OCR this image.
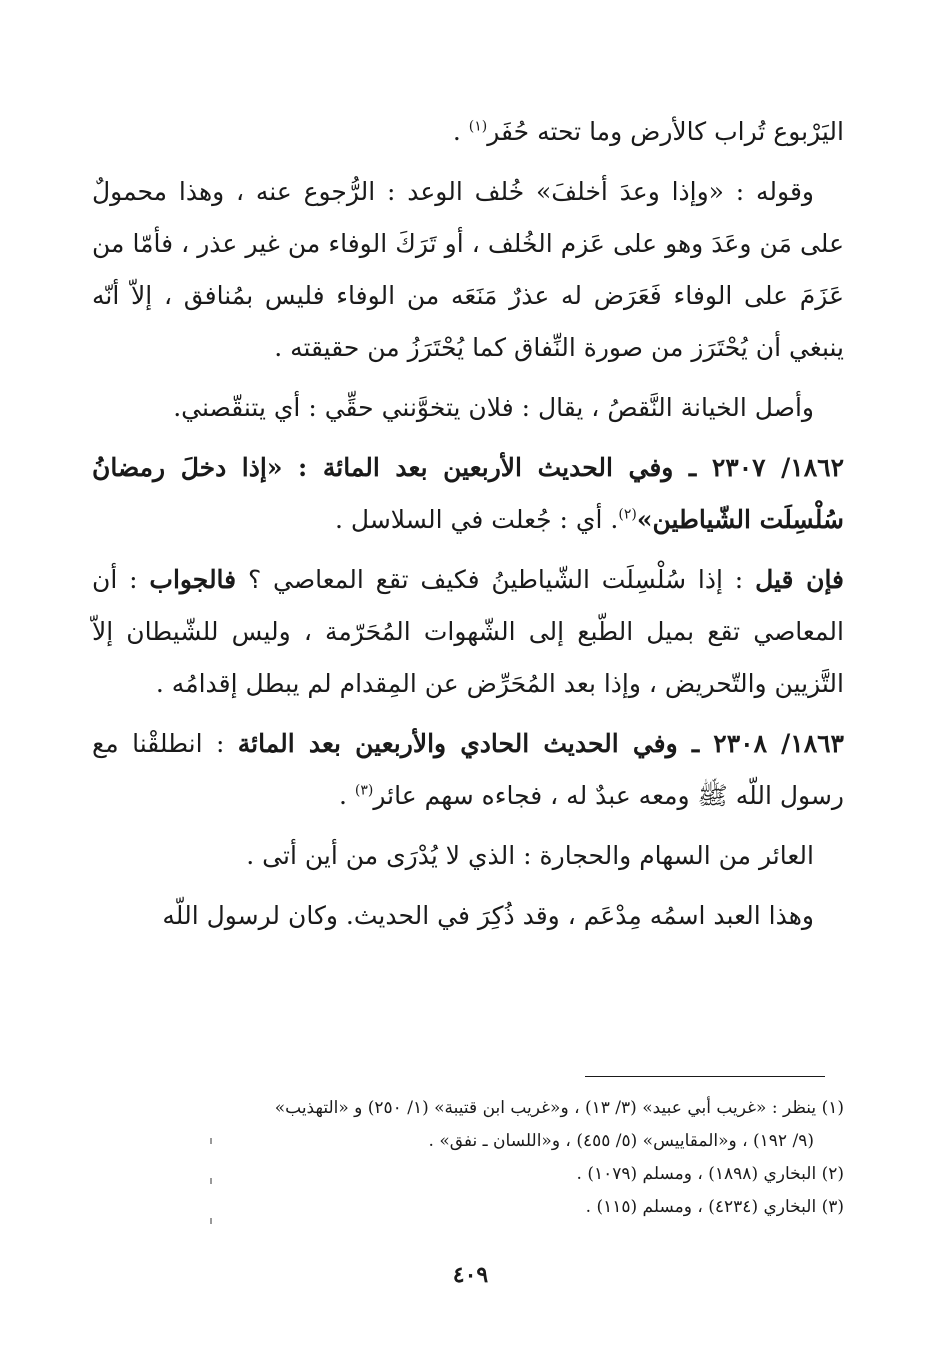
اليَرْبوع تُراب كالأرض وما تحته حُفَر$^{(١)}$ .

وقوله : «وإذا وعدَ أخلفَ» خُلف الوعد : الرُّجوع عنه ، وهذا محمولٌ على مَن وعَدَ وهو على عَزم الخُلف ، أو تَرَكَ الوفاء من غير عذر ، فأمّا من عَزَمَ على الوفاء فَعَرَض له عذرٌ مَنَعَه من الوفاء فليس بمُنافق ، إلاّ أنّه ينبغي أن يُحْتَرَز من صورة النِّفاق كما يُحْتَرَزُ من حقيقته .

وأصل الخيانة النَّقصُ ، يقال : فلان يتخوَّنني حقِّي : أي يتنقّصني.

١٨٦٢/ ٢٣٠٧ ـ وفي الحديث الأربعين بعد المائة : «إذا دخلَ رمضانُ سُلْسِلَت الشّياطين»$^{(٢)}$. أي : جُعلت في السلاسل .

فإن قيل : إذا سُلْسِلَت الشّياطينُ فكيف تقع المعاصي ؟ فالجواب : أن المعاصي تقع بميل الطّبع إلى الشّهوات المُحَرّمة ، وليس للشّيطان إلاّ التَّزيين والتّحريض ، وإذا بعد المُحَرِّض عن المِقدام لم يبطل إقدامُه .

١٨٦٣/ ٢٣٠٨ ـ وفي الحديث الحادي والأربعين بعد المائة : انطلقْنا مع رسول اللّه ﷺ ومعه عبدٌ له ، فجاءه سهم عائر$^{(٣)}$ .

العائر من السهام والحجارة : الذي لا يُدْرَى من أين أتى .

وهذا العبد اسمُه مِدْعَم ، وقد ذُكِرَ في الحديث. وكان لرسول اللّه

(١) ينظر : «غريب أبي عبيد» (٣/ ١٣) ، و«غريب ابن قتيبة» (١/ ٢٥٠) و «التهذيب»

(٩/ ١٩٢) ، و«المقاييس» (٥/ ٤٥٥) ، و«اللسان ـ نفق» .

(٢) البخاري (١٨٩٨) ، ومسلم (١٠٧٩) .

(٣) البخاري (٤٢٣٤) ، ومسلم (١١٥) .

٤٠٩
